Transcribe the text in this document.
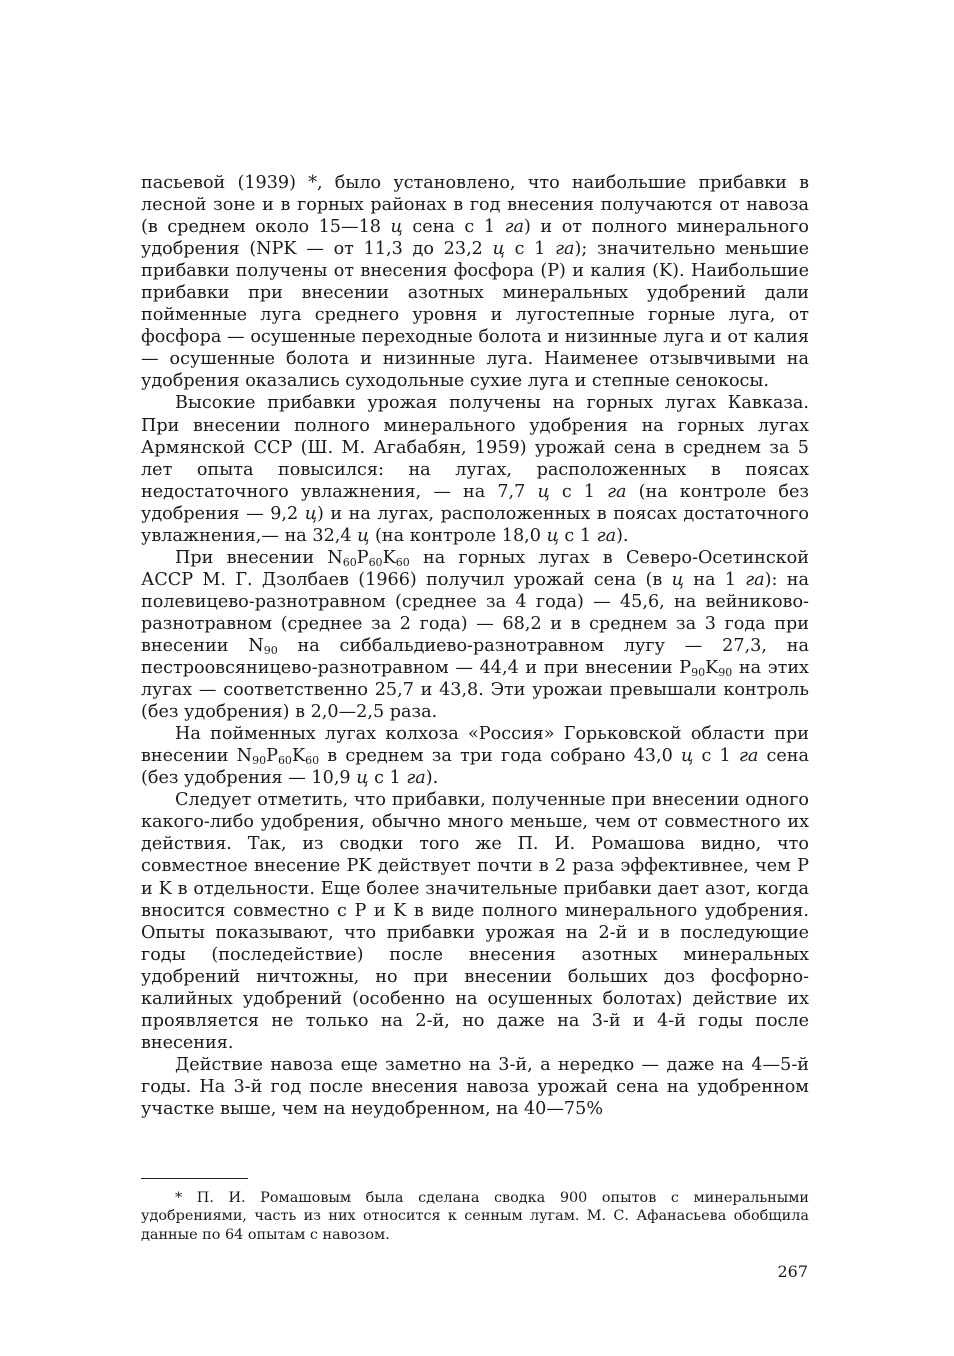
пасьевой (1939) *, было установлено, что наибольшие прибавки в лесной зоне и в горных районах в год внесения получаются от навоза (в среднем около 15—18 ц сена с 1 га) и от полного минерального удобрения (NPK — от 11,3 до 23,2 ц с 1 га); значительно меньшие прибавки получены от внесения фосфора (P) и калия (K). Наибольшие прибавки при внесении азотных минеральных удобрений дали пойменные луга среднего уровня и лугостепные горные луга, от фосфора — осушенные переходные болота и низинные луга и от калия — осушенные болота и низинные луга. Наименее отзывчивыми на удобрения оказались суходольные сухие луга и степные сенокосы.

Высокие прибавки урожая получены на горных лугах Кавказа. При внесении полного минерального удобрения на горных лугах Армянской ССР (Ш. М. Агабабян, 1959) урожай сена в среднем за 5 лет опыта повысился: на лугах, расположенных в поясах недостаточного увлажнения, — на 7,7 ц с 1 га (на контроле без удобрения — 9,2 ц) и на лугах, расположенных в поясах достаточного увлажнения,— на 32,4 ц (на контроле 18,0 ц с 1 га).

При внесении $N_{60}P_{60}K_{60}$ на горных лугах в Северо-Осетинской АССР М. Г. Дзолбаев (1966) получил урожай сена (в ц на 1 га): на полевицево-разнотравном (среднее за 4 года) — 45,6, на вейниково-разнотравном (среднее за 2 года) — 68,2 и в среднем за 3 года при внесении $N_{90}$ на сиббальдиево-разнотравном лугу — 27,3, на пестроовсяницево-разнотравном — 44,4 и при внесении $P_{90}K_{90}$ на этих лугах — соответственно 25,7 и 43,8. Эти урожаи превышали контроль (без удобрения) в 2,0—2,5 раза.

На пойменных лугах колхоза «Россия» Горьковской области при внесении $N_{90}P_{60}K_{60}$ в среднем за три года собрано 43,0 ц с 1 га сена (без удобрения — 10,9 ц с 1 га).

Следует отметить, что прибавки, полученные при внесении одного какого-либо удобрения, обычно много меньше, чем от совместного их действия. Так, из сводки того же П. И. Ромашова видно, что совместное внесение PK действует почти в 2 раза эффективнее, чем P и K в отдельности. Еще более значительные прибавки дает азот, когда вносится совместно с P и K в виде полного минерального удобрения. Опыты показывают, что прибавки урожая на 2-й и в последующие годы (последействие) после внесения азотных минеральных удобрений ничтожны, но при внесении больших доз фосфорно-калийных удобрений (особенно на осушенных болотах) действие их проявляется не только на 2-й, но даже на 3-й и 4-й годы после внесения.

Действие навоза еще заметно на 3-й, а нередко — даже на 4—5-й годы. На 3-й год после внесения навоза урожай сена на удобренном участке выше, чем на неудобренном, на 40—75%

* П. И. Ромашовым была сделана сводка 900 опытов с минеральными удобрениями, часть из них относится к сенным лугам. М. С. Афанасьева обобщила данные по 64 опытам с навозом.

267
